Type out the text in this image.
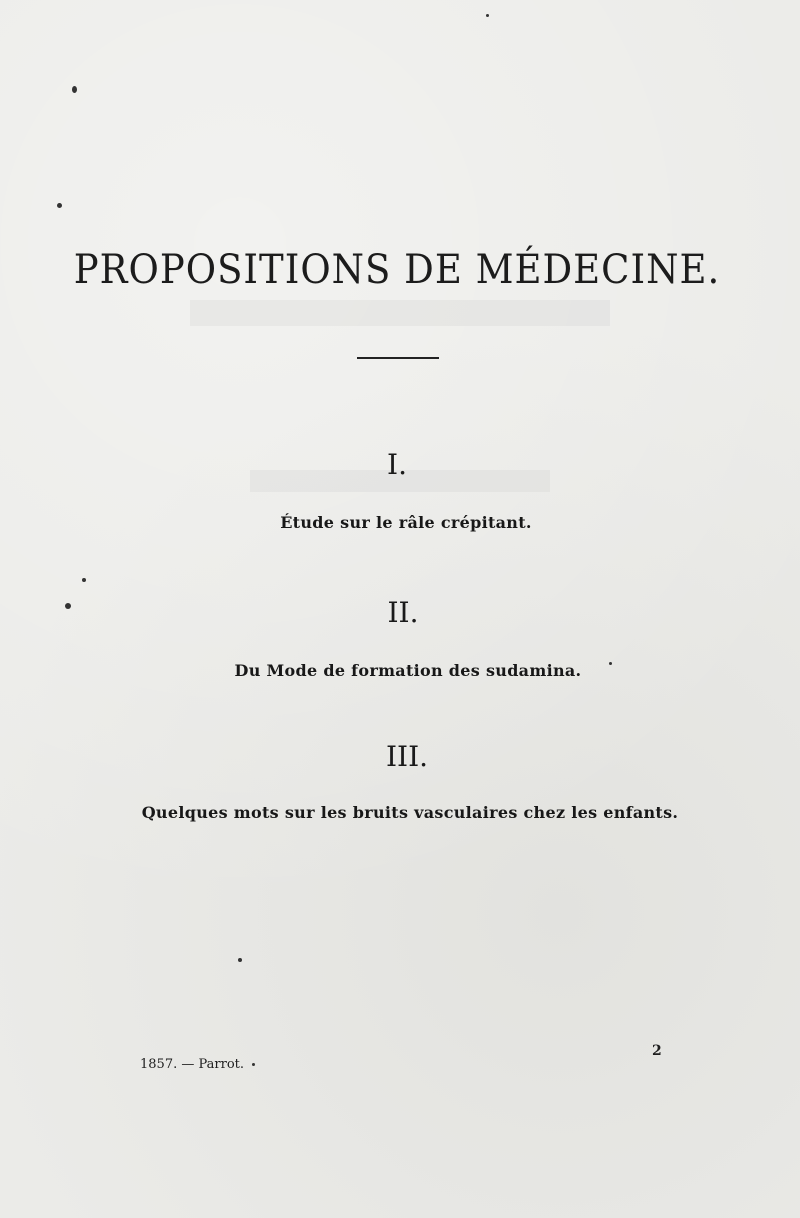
PROPOSITIONS DE MÉDECINE.
I.
Étude sur le râle crépitant.
II.
Du Mode de formation des sudamina.
III.
Quelques mots sur les bruits vasculaires chez les enfants.
1857. — Parrot.
2
